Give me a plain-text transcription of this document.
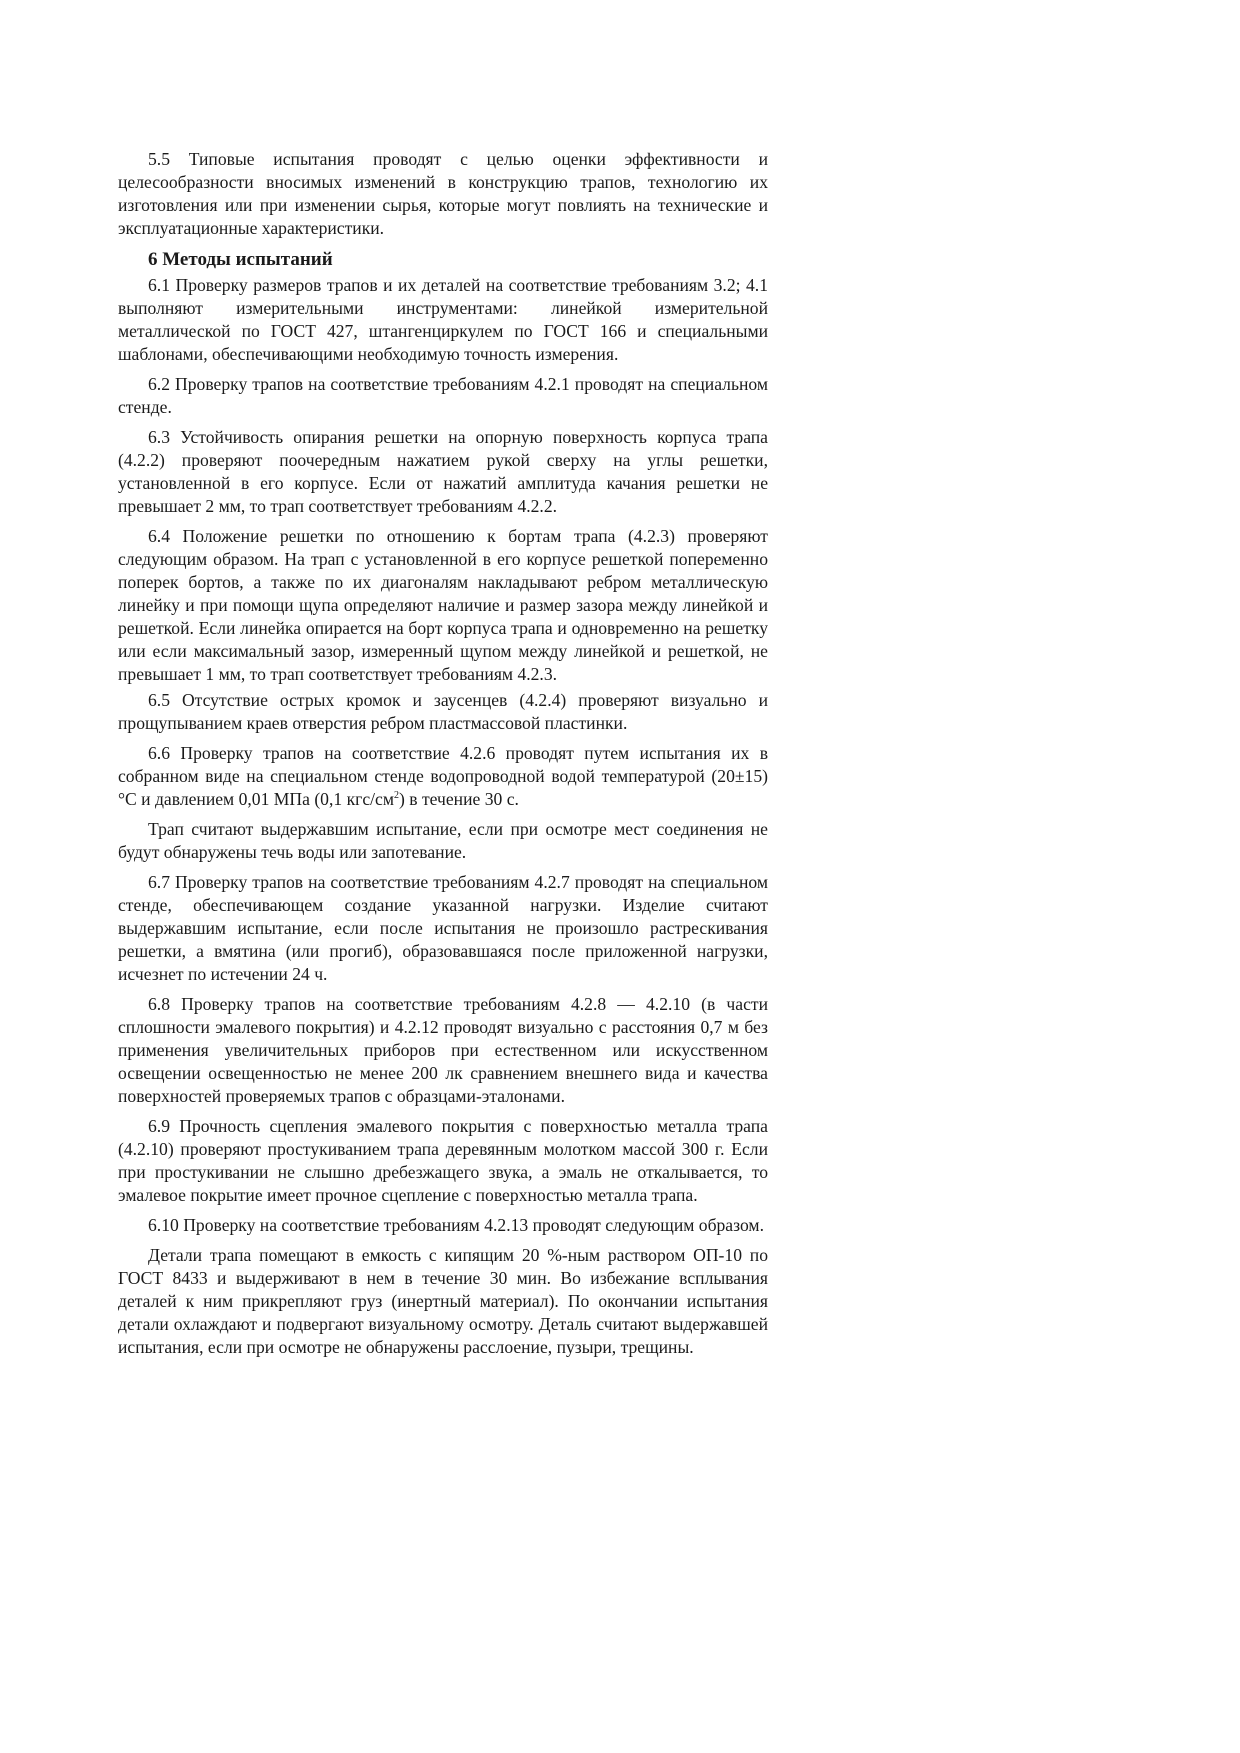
5.5 Типовые испытания проводят с целью оценки эффективности и целесообразности вносимых изменений в конструкцию трапов, технологию их изготовления или при изменении сырья, которые могут повлиять на технические и эксплуатационные характеристики.

6 Методы испытаний

6.1 Проверку размеров трапов и их деталей на соответствие требованиям 3.2; 4.1 выполняют измерительными инструментами: линейкой измерительной металлической по ГОСТ 427, штангенциркулем по ГОСТ 166 и специальными шаблонами, обеспечивающими необходимую точность измерения.

6.2 Проверку трапов на соответствие требованиям 4.2.1 проводят на специальном стенде.

6.3 Устойчивость опирания решетки на опорную поверхность корпуса трапа (4.2.2) проверяют поочередным нажатием рукой сверху на углы решетки, установленной в его корпусе. Если от нажатий амплитуда качания решетки не превышает 2 мм, то трап соответствует требованиям 4.2.2.

6.4 Положение решетки по отношению к бортам трапа (4.2.3) проверяют следующим образом. На трап с установленной в его корпусе решеткой попеременно поперек бортов, а также по их диагоналям накладывают ребром металлическую линейку и при помощи щупа определяют наличие и размер зазора между линейкой и решеткой. Если линейка опирается на борт корпуса трапа и одновременно на решетку или если максимальный зазор, измеренный щупом между линейкой и решеткой, не превышает 1 мм, то трап соответствует требованиям 4.2.3.

6.5 Отсутствие острых кромок и заусенцев (4.2.4) проверяют визуально и прощупыванием краев отверстия ребром пластмассовой пластинки.

6.6 Проверку трапов на соответствие 4.2.6 проводят путем испытания их в собранном виде на специальном стенде водопроводной водой температурой (20±15)°С и давлением 0,01 МПа (0,1 кгс/$см^2$) в течение 30 с.

Трап считают выдержавшим испытание, если при осмотре мест соединения не будут обнаружены течь воды или запотевание.

6.7 Проверку трапов на соответствие требованиям 4.2.7 проводят на специальном стенде, обеспечивающем создание указанной нагрузки. Изделие считают выдержавшим испытание, если после испытания не произошло растрескивания решетки, а вмятина (или прогиб), образовавшаяся после приложенной нагрузки, исчезнет по истечении 24 ч.

6.8 Проверку трапов на соответствие требованиям 4.2.8 — 4.2.10 (в части сплошности эмалевого покрытия) и 4.2.12 проводят визуально с расстояния 0,7 м без применения увеличительных приборов при естественном или искусственном освещении освещенностью не менее 200 лк сравнением внешнего вида и качества поверхностей проверяемых трапов с образцами-эталонами.

6.9 Прочность сцепления эмалевого покрытия с поверхностью металла трапа (4.2.10) проверяют простукиванием трапа деревянным молотком массой 300 г. Если при простукивании не слышно дребезжащего звука, а эмаль не откалывается, то эмалевое покрытие имеет прочное сцепление с поверхностью металла трапа.

6.10 Проверку на соответствие требованиям 4.2.13 проводят следующим образом.

Детали трапа помещают в емкость с кипящим 20 %-ным раствором ОП-10 по ГОСТ 8433 и выдерживают в нем в течение 30 мин. Во избежание всплывания деталей к ним прикрепляют груз (инертный материал). По окончании испытания детали охлаждают и подвергают визуальному осмотру. Деталь считают выдержавшей испытания, если при осмотре не обнаружены расслоение, пузыри, трещины.
